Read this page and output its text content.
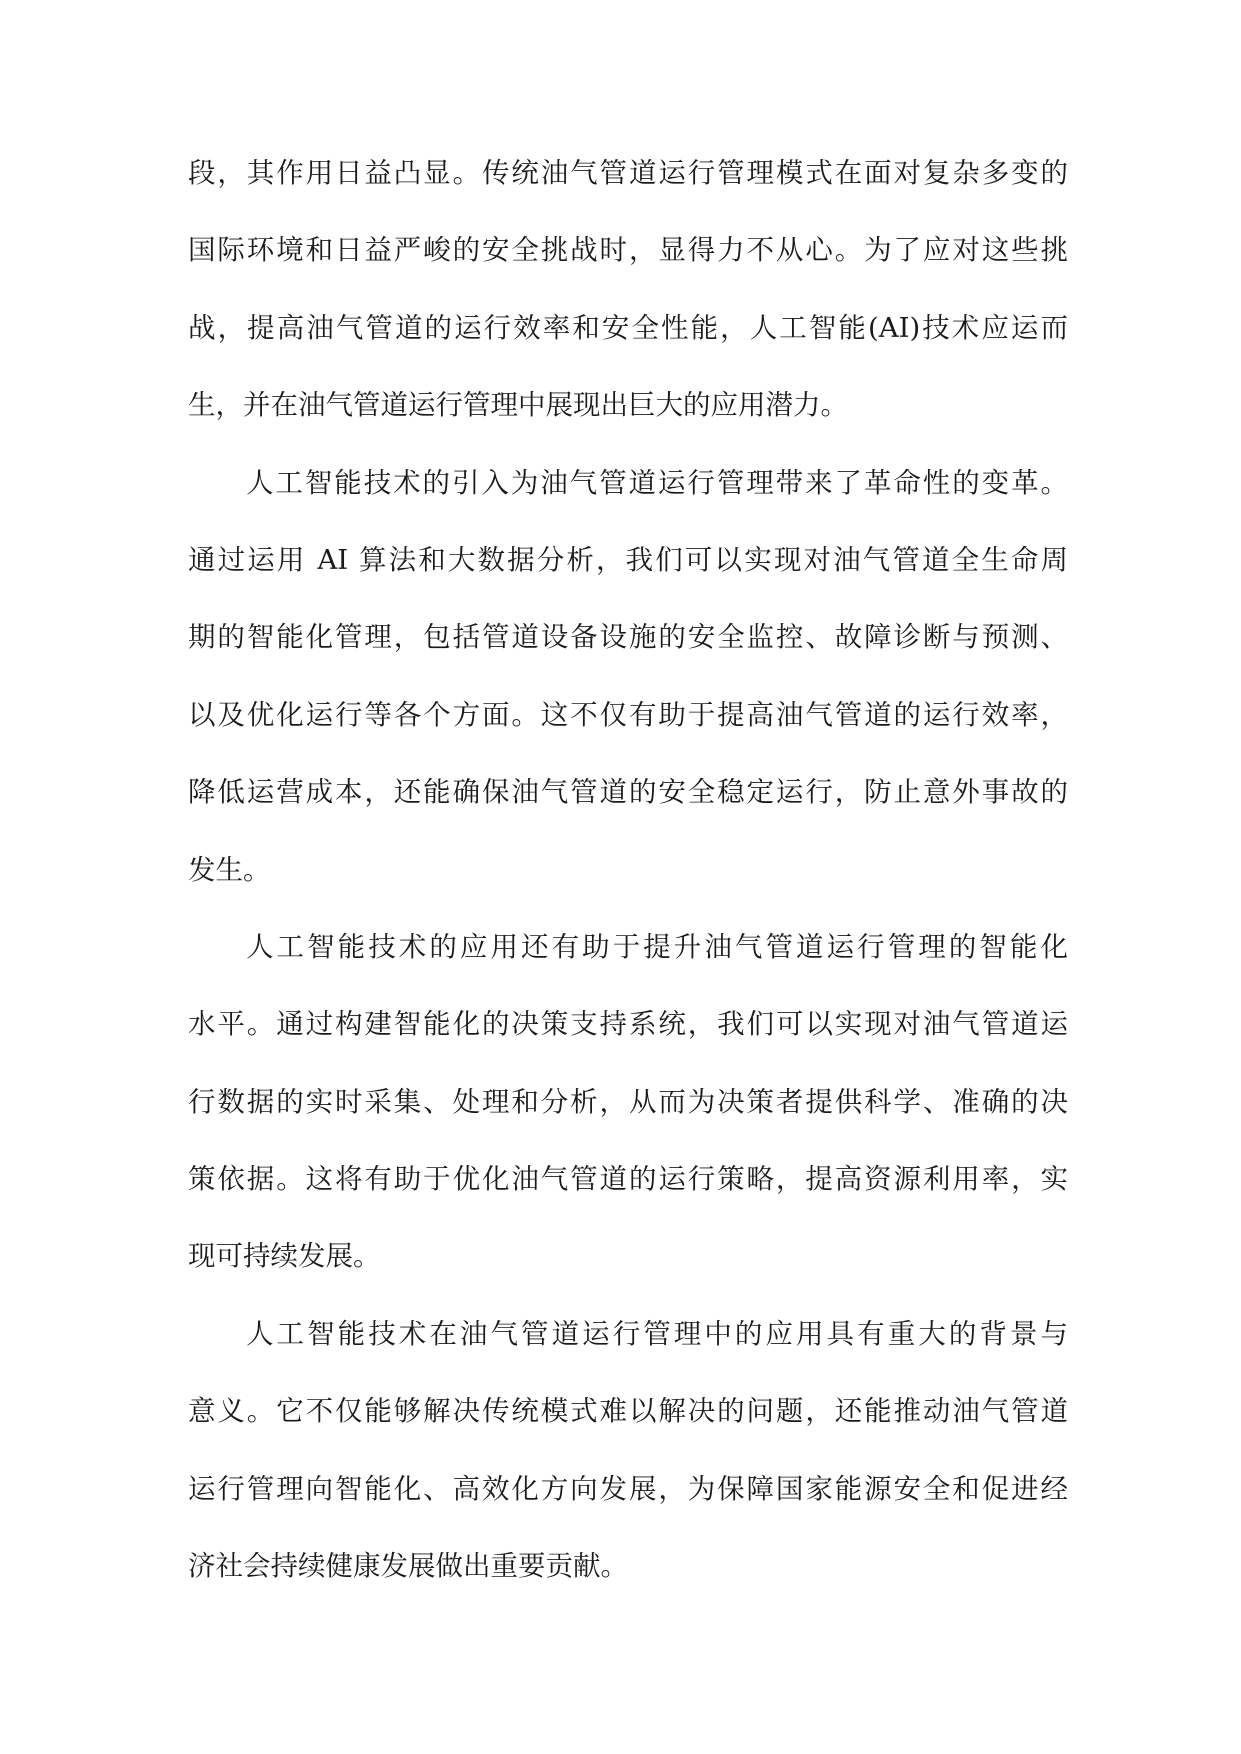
段，其作用日益凸显。传统油气管道运行管理模式在面对复杂多变的
国际环境和日益严峻的安全挑战时，显得力不从心。为了应对这些挑
战，提高油气管道的运行效率和安全性能，人工智能(AI)技术应运而
生，并在油气管道运行管理中展现出巨大的应用潜力。
人工智能技术的引入为油气管道运行管理带来了革命性的变革。
通过运用 AI 算法和大数据分析，我们可以实现对油气管道全生命周
期的智能化管理，包括管道设备设施的安全监控、故障诊断与预测、
以及优化运行等各个方面。这不仅有助于提高油气管道的运行效率，
降低运营成本，还能确保油气管道的安全稳定运行，防止意外事故的
发生。
人工智能技术的应用还有助于提升油气管道运行管理的智能化
水平。通过构建智能化的决策支持系统，我们可以实现对油气管道运
行数据的实时采集、处理和分析，从而为决策者提供科学、准确的决
策依据。这将有助于优化油气管道的运行策略，提高资源利用率，实
现可持续发展。
人工智能技术在油气管道运行管理中的应用具有重大的背景与
意义。它不仅能够解决传统模式难以解决的问题，还能推动油气管道
运行管理向智能化、高效化方向发展，为保障国家能源安全和促进经
济社会持续健康发展做出重要贡献。
